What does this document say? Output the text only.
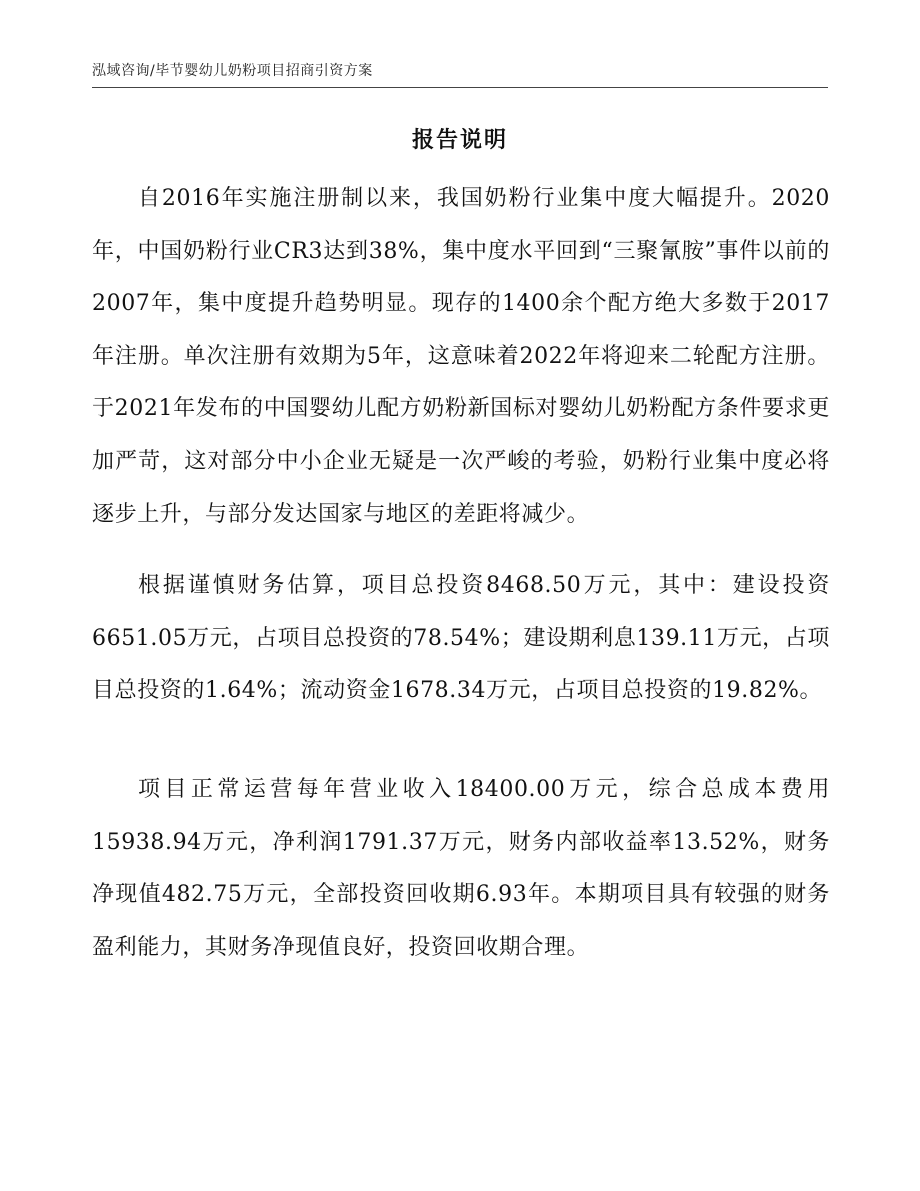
泓域咨询/毕节婴幼儿奶粉项目招商引资方案
报告说明

自2016年实施注册制以来，我国奶粉行业集中度大幅提升。2020年，中国奶粉行业CR3达到38%，集中度水平回到“三聚氰胺”事件以前的2007年，集中度提升趋势明显。现存的1400余个配方绝大多数于2017年注册。单次注册有效期为5年，这意味着2022年将迎来二轮配方注册。于2021年发布的中国婴幼儿配方奶粉新国标对婴幼儿奶粉配方条件要求更加严苛，这对部分中小企业无疑是一次严峻的考验，奶粉行业集中度必将逐步上升，与部分发达国家与地区的差距将减少。

根据谨慎财务估算，项目总投资8468.50万元，其中：建设投资6651.05万元，占项目总投资的78.54%；建设期利息139.11万元，占项目总投资的1.64%；流动资金1678.34万元，占项目总投资的19.82%。

项目正常运营每年营业收入18400.00万元，综合总成本费用15938.94万元，净利润1791.37万元，财务内部收益率13.52%，财务净现值482.75万元，全部投资回收期6.93年。本期项目具有较强的财务盈利能力，其财务净现值良好，投资回收期合理。
